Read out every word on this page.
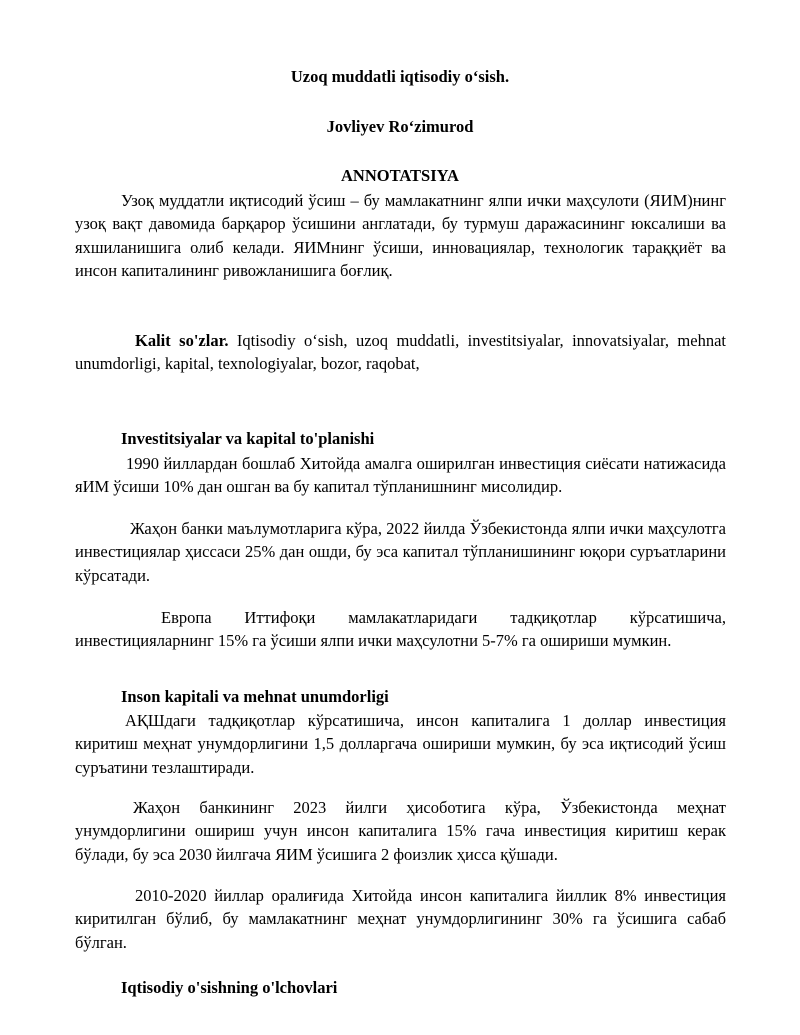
Uzoq muddatli iqtisodiy o‘sish.
Jovliyev Ro‘zimurod
ANNOTATSIYA

Узоқ муддатли иқтисодий ўсиш – бу мамлакатнинг ялпи ички маҳсулоти (ЯИМ)нинг узоқ вақт давомида барқарор ўсишини англатади, бу турмуш даражасининг юксалиши ва яхшиланишига олиб келади. ЯИМнинг ўсиши, инновациялар, технологик тараққиёт ва инсон капиталининг ривожланишига боғлиқ.

Kalit so'zlar. Iqtisodiy o‘sish, uzoq muddatli, investitsiyalar, innovatsiyalar, mehnat unumdorligi, kapital, texnologiyalar, bozor, raqobat,

Investitsiyalar va kapital to'planishi

1990 йиллардан бошлаб Хитойда амалга оширилган инвестиция сиёсати натижасида яИМ ўсиши 10% дан ошган ва бу капитал тўпланишнинг мисолидир.

Жаҳон банки маълумотларига кўра, 2022 йилда Ўзбекистонда ялпи ички маҳсулотга инвестициялар ҳиссаси 25% дан ошди, бу эса капитал тўпланишининг юқори суръатларини кўрсатади.

Европа Иттифоқи мамлакатларидаги тадқиқотлар кўрсатишича, инвестицияларнинг 15% га ўсиши ялпи ички маҳсулотни 5-7% га ошириши мумкин.

Inson kapitali va mehnat unumdorligi

АҚШдаги тадқиқотлар кўрсатишича, инсон капиталига 1 доллар инвестиция киритиш меҳнат унумдорлигини 1,5 долларгача ошириши мумкин, бу эса иқтисодий ўсиш суръатини тезлаштиради.

Жаҳон банкининг 2023 йилги ҳисоботига кўра, Ўзбекистонда меҳнат унумдорлигини ошириш учун инсон капиталига 15% гача инвестиция киритиш керак бўлади, бу эса 2030 йилгача ЯИМ ўсишига 2 фоизлик ҳисса қўшади.

2010-2020 йиллар оралиғида Хитойда инсон капиталига йиллик 8% инвестиция киритилган бўлиб, бу мамлакатнинг меҳнат унумдорлигининг 30% га ўсишига сабаб бўлган.

Iqtisodiy o'sishning o'lchovlari
